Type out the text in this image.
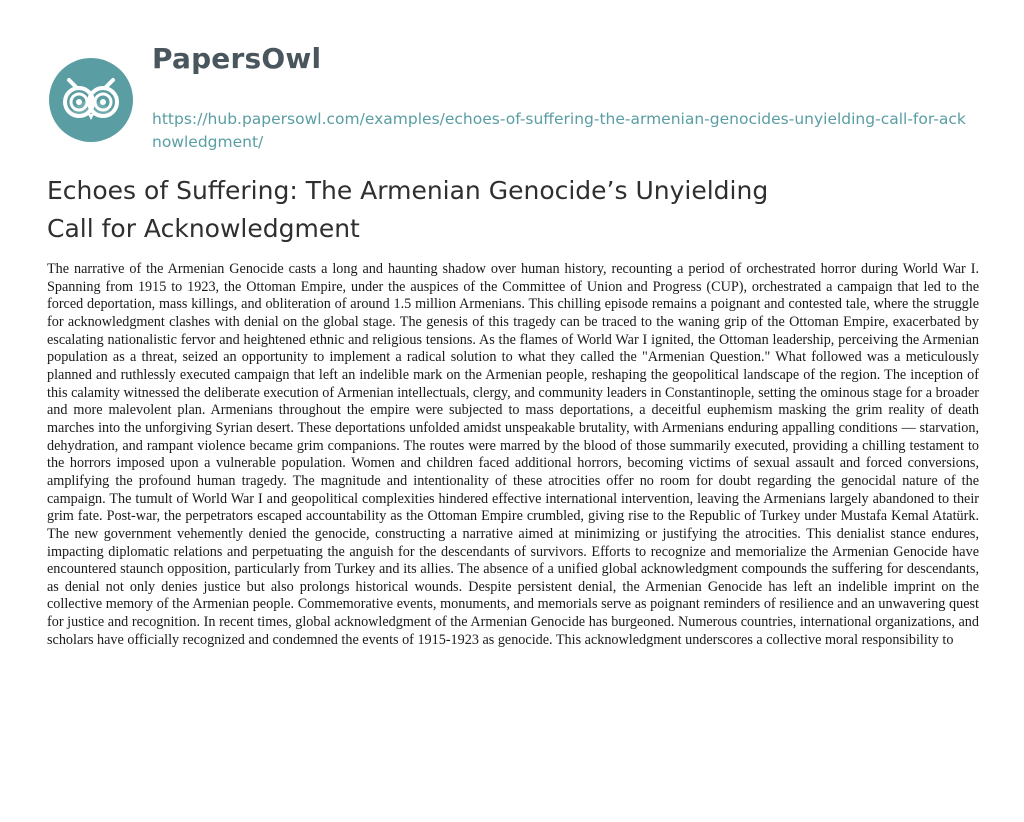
PapersOwl
https://hub.papersowl.com/examples/echoes-of-suffering-the-armenian-genocides-unyielding-call-for-acknowledgment/
Echoes of Suffering: The Armenian Genocide’s Unyielding Call for Acknowledgment

The narrative of the Armenian Genocide casts a long and haunting shadow over human history, recounting a period of orchestrated horror during World War I. Spanning from 1915 to 1923, the Ottoman Empire, under the auspices of the Committee of Union and Progress (CUP), orchestrated a campaign that led to the forced deportation, mass killings, and obliteration of around 1.5 million Armenians. This chilling episode remains a poignant and contested tale, where the struggle for acknowledgment clashes with denial on the global stage. The genesis of this tragedy can be traced to the waning grip of the Ottoman Empire, exacerbated by escalating nationalistic fervor and heightened ethnic and religious tensions. As the flames of World War I ignited, the Ottoman leadership, perceiving the Armenian population as a threat, seized an opportunity to implement a radical solution to what they called the "Armenian Question." What followed was a meticulously planned and ruthlessly executed campaign that left an indelible mark on the Armenian people, reshaping the geopolitical landscape of the region. The inception of this calamity witnessed the deliberate execution of Armenian intellectuals, clergy, and community leaders in Constantinople, setting the ominous stage for a broader and more malevolent plan. Armenians throughout the empire were subjected to mass deportations, a deceitful euphemism masking the grim reality of death marches into the unforgiving Syrian desert. These deportations unfolded amidst unspeakable brutality, with Armenians enduring appalling conditions — starvation, dehydration, and rampant violence became grim companions. The routes were marred by the blood of those summarily executed, providing a chilling testament to the horrors imposed upon a vulnerable population. Women and children faced additional horrors, becoming victims of sexual assault and forced conversions, amplifying the profound human tragedy. The magnitude and intentionality of these atrocities offer no room for doubt regarding the genocidal nature of the campaign. The tumult of World War I and geopolitical complexities hindered effective international intervention, leaving the Armenians largely abandoned to their grim fate. Post-war, the perpetrators escaped accountability as the Ottoman Empire crumbled, giving rise to the Republic of Turkey under Mustafa Kemal Atatürk. The new government vehemently denied the genocide, constructing a narrative aimed at minimizing or justifying the atrocities. This denialist stance endures, impacting diplomatic relations and perpetuating the anguish for the descendants of survivors. Efforts to recognize and memorialize the Armenian Genocide have encountered staunch opposition, particularly from Turkey and its allies. The absence of a unified global acknowledgment compounds the suffering for descendants, as denial not only denies justice but also prolongs historical wounds. Despite persistent denial, the Armenian Genocide has left an indelible imprint on the collective memory of the Armenian people. Commemorative events, monuments, and memorials serve as poignant reminders of resilience and an unwavering quest for justice and recognition. In recent times, global acknowledgment of the Armenian Genocide has burgeoned. Numerous countries, international organizations, and scholars have officially recognized and condemned the events of 1915-1923 as genocide. This acknowledgment underscores a collective moral responsibility to
